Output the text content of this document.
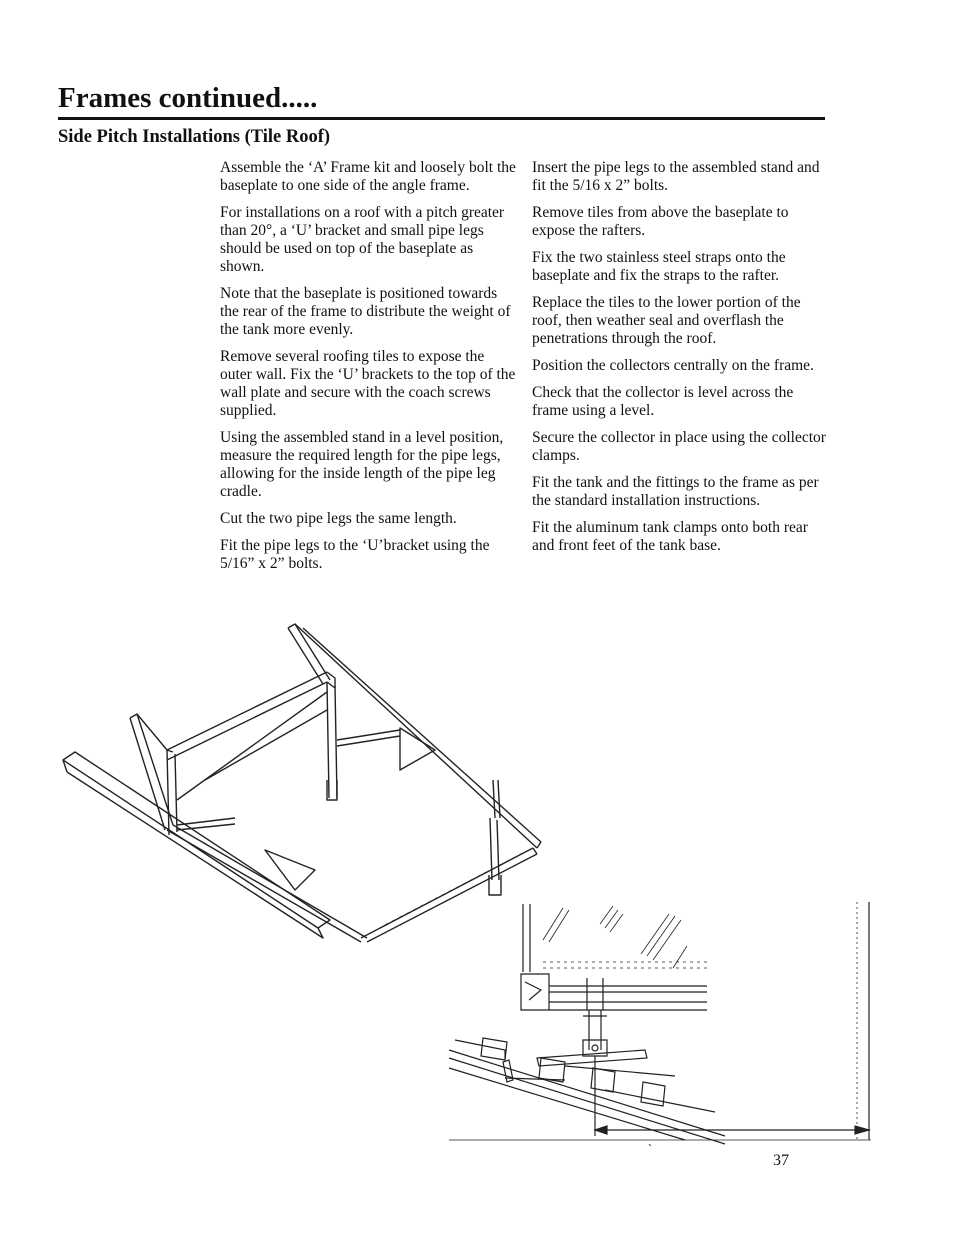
Frames continued.....
Side Pitch Installations (Tile Roof)

Assemble the ‘A’ Frame kit and loosely bolt the baseplate to one side of the angle frame.

For installations on a roof with a pitch greater than 20°, a ‘U’ bracket and small pipe legs should be used on top of the baseplate as shown.

Note that the baseplate is positioned towards the rear of the frame to distribute the weight of the tank more evenly.

Remove several roofing tiles to expose the outer wall. Fix the ‘U’ brackets to the top of the wall plate and secure with the coach screws supplied.

Using the assembled stand in a level position, measure the required length for the pipe legs, allowing for the inside length of the pipe leg cradle.

Cut the two pipe legs the same length.

Fit the pipe legs to the ‘U’bracket using the 5/16” x 2” bolts.

Insert the pipe legs to the assembled stand and fit the 5/16 x 2” bolts.

Remove tiles from above the baseplate to expose the rafters.

Fix the two stainless steel straps onto the baseplate and fix the straps to the rafter.

Replace the tiles to the lower portion of the roof, then weather seal and overflash the penetrations through the roof.

Position the collectors centrally on the frame.

Check that the collector is level across the frame using a level.

Secure the collector in place using the collector clamps.

Fit the tank and the fittings to the frame as per the standard installation instructions.

Fit the aluminum tank clamps onto both rear and front feet of the tank base.

37
